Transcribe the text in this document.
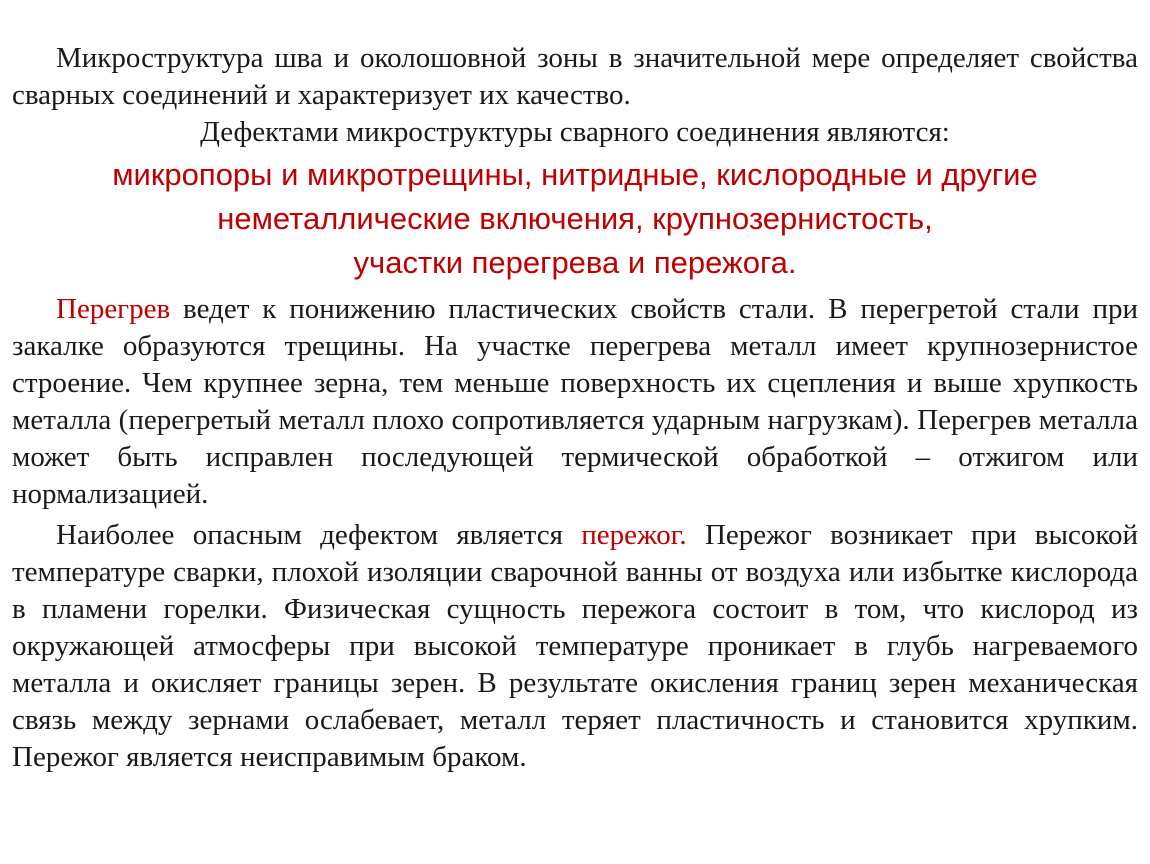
Микроструктура шва и околошовной зоны в значительной мере определяет свойства сварных соединений и характеризует их качество.

Дефектами микроструктуры сварного соединения являются:

микропоры и микротрещины, нитридные, кислородные и другие
неметаллические включения, крупнозернистость,
участки перегрева и пережога.

Перегрев ведет к понижению пластических свойств стали. В перегретой стали при закалке образуются трещины. На участке перегрева металл имеет крупнозернистое строение. Чем крупнее зерна, тем меньше поверхность их сцепления и выше хрупкость металла (перегретый металл плохо сопротивляется ударным нагрузкам). Перегрев металла может быть исправлен последующей термической обработкой – отжигом или нормализацией.

Наиболее опасным дефектом является пережог. Пережог возникает при высокой температуре сварки, плохой изоляции сварочной ванны от воздуха или избытке кислорода в пламени горелки. Физическая сущность пережога состоит в том, что кислород из окружающей атмосферы при высокой температуре проникает в глубь нагреваемого металла и окисляет границы зерен. В результате окисления границ зерен механическая связь между зернами ослабевает, металл теряет пластичность и становится хрупким. Пережог является неисправимым браком.
